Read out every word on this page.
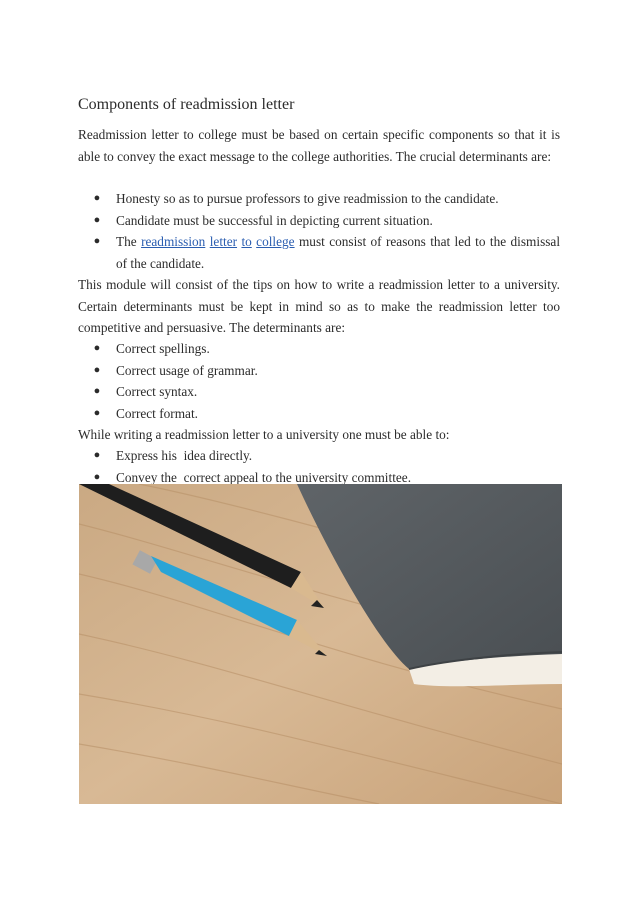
Components of readmission letter

Readmission letter to college must be based on certain specific components so that it is able to convey the exact message to the college authorities. The crucial determinants are:

● Honesty so as to pursue professors to give readmission to the candidate.
● Candidate must be successful in depicting current situation.
● The readmission letter to college must consist of reasons that led to the dismissal of the candidate.

This module will consist of the tips on how to write a readmission letter to a university. Certain determinants must be kept in mind so as to make the readmission letter too competitive and persuasive. The determinants are:

● Correct spellings.
● Correct usage of grammar.
● Correct syntax.
● Correct format.

While writing a readmission letter to a university one must be able to:

● Express his  idea directly.
● Convey the  correct appeal to the university committee.
